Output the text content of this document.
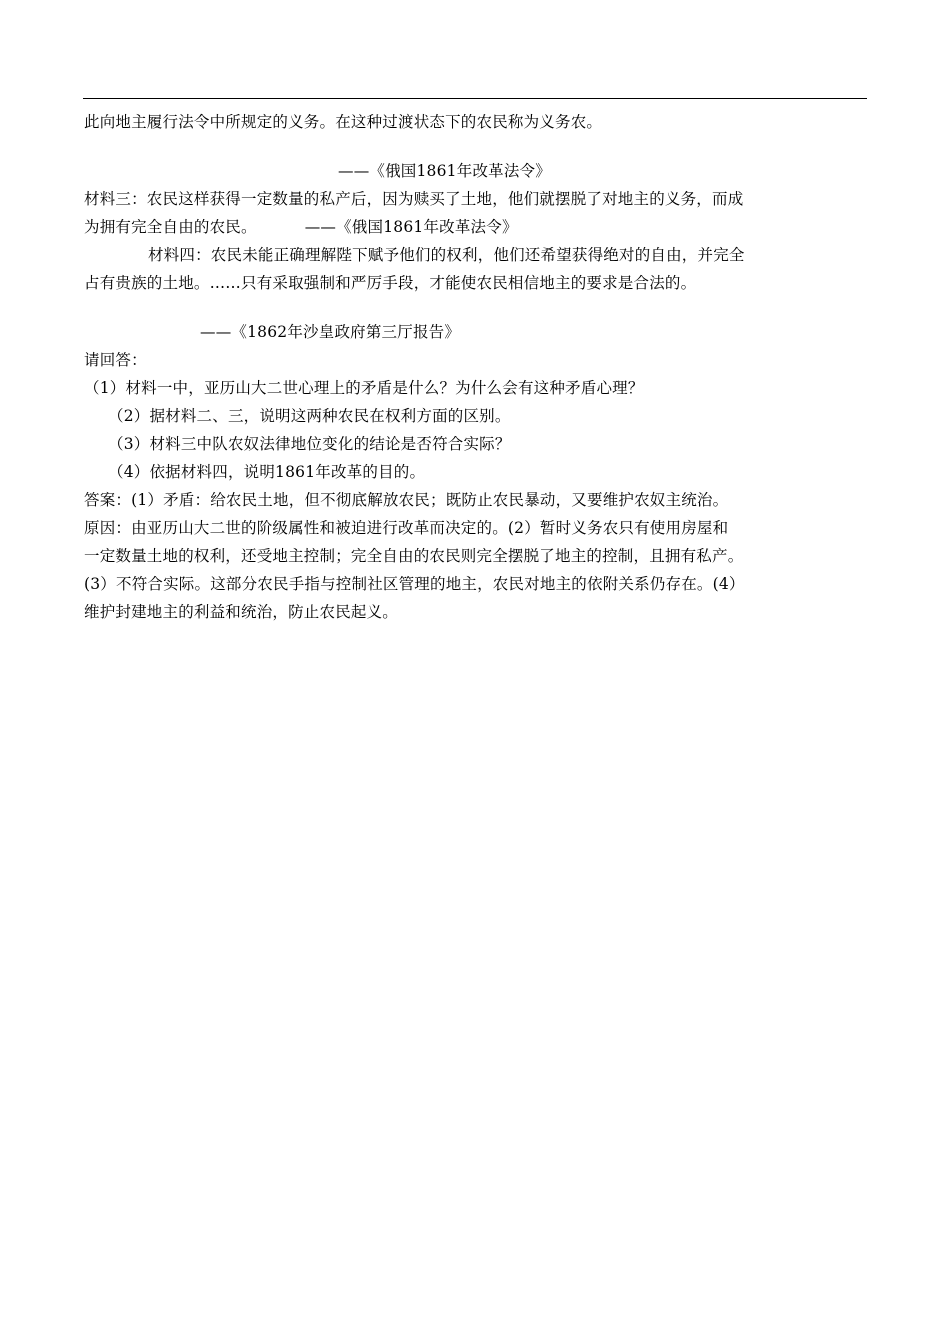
此向地主履行法令中所规定的义务。在这种过渡状态下的农民称为义务农。
——《俄国1861年改革法令》
材料三：农民这样获得一定数量的私产后，因为赎买了土地，他们就摆脱了对地主的义务，而成
为拥有完全自由的农民。	——《俄国1861年改革法令》
材料四：农民未能正确理解陛下赋予他们的权利，他们还希望获得绝对的自由，并完全
占有贵族的土地。……只有采取强制和严厉手段，才能使农民相信地主的要求是合法的。
——《1862年沙皇政府第三厅报告》
请回答：
（1）材料一中，亚历山大二世心理上的矛盾是什么？为什么会有这种矛盾心理？
（2）据材料二、三，说明这两种农民在权利方面的区别。
（3）材料三中队农奴法律地位变化的结论是否符合实际？
（4）依据材料四，说明1861年改革的目的。
答案：(1）矛盾：给农民土地，但不彻底解放农民；既防止农民暴动，又要维护农奴主统治。
原因：由亚历山大二世的阶级属性和被迫进行改革而决定的。(2）暂时义务农只有使用房屋和
一定数量土地的权利，还受地主控制；完全自由的农民则完全摆脱了地主的控制，且拥有私产。
(3）不符合实际。这部分农民手指与控制社区管理的地主，农民对地主的依附关系仍存在。(4）
维护封建地主的利益和统治，防止农民起义。
